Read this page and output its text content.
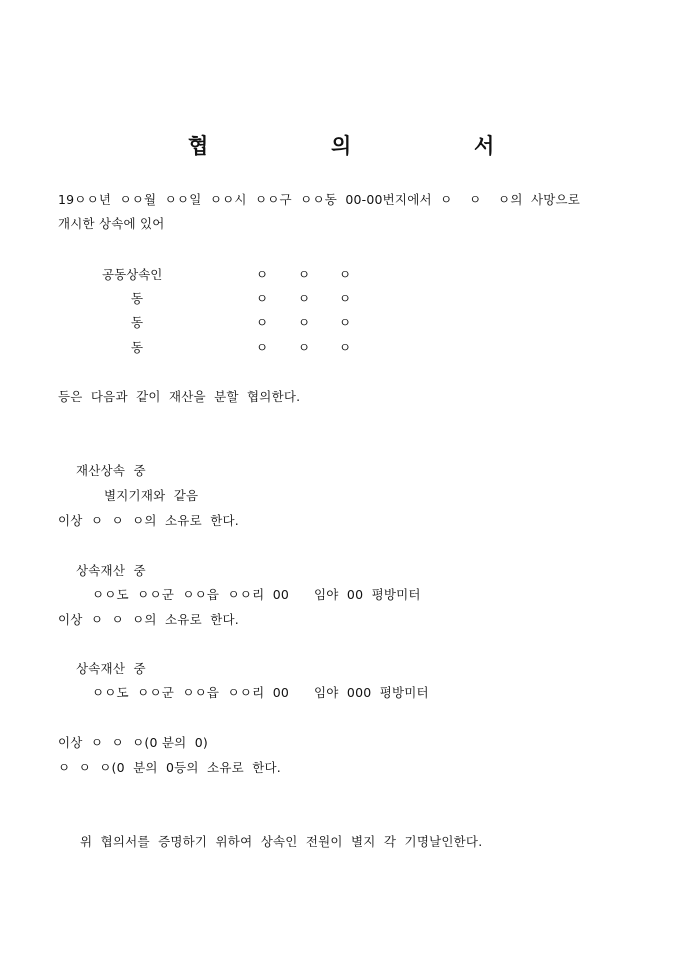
협	의	서
19ㅇㅇ년  ㅇㅇ월  ㅇㅇ일  ㅇㅇ시  ㅇㅇ구  ㅇㅇ동  00-00번지에서  ㅇ    ㅇ    ㅇ의  사망으로
개시한 상속에 있어
공동상속인	ㅇ ㅇ ㅇ
동	ㅇ ㅇ ㅇ
동	ㅇ ㅇ ㅇ
동	ㅇ ㅇ ㅇ
등은  다음과  같이  재산을  분할  협의한다.
재산상속  중
별지기재와  같음
이상  ㅇ  ㅇ  ㅇ의  소유로  한다.
상속재산  중
ㅇㅇ도  ㅇㅇ군  ㅇㅇ읍  ㅇㅇ리  00      임야  00  평방미터
이상  ㅇ  ㅇ  ㅇ의  소유로  한다.
상속재산  중
ㅇㅇ도  ㅇㅇ군  ㅇㅇ읍  ㅇㅇ리  00      임야  000  평방미터
이상  ㅇ  ㅇ  ㅇ(0 분의  0)
ㅇ  ㅇ  ㅇ(0  분의  0등의  소유로  한다.
위  협의서를  증명하기  위하여  상속인  전원이  별지  각  기명날인한다.
